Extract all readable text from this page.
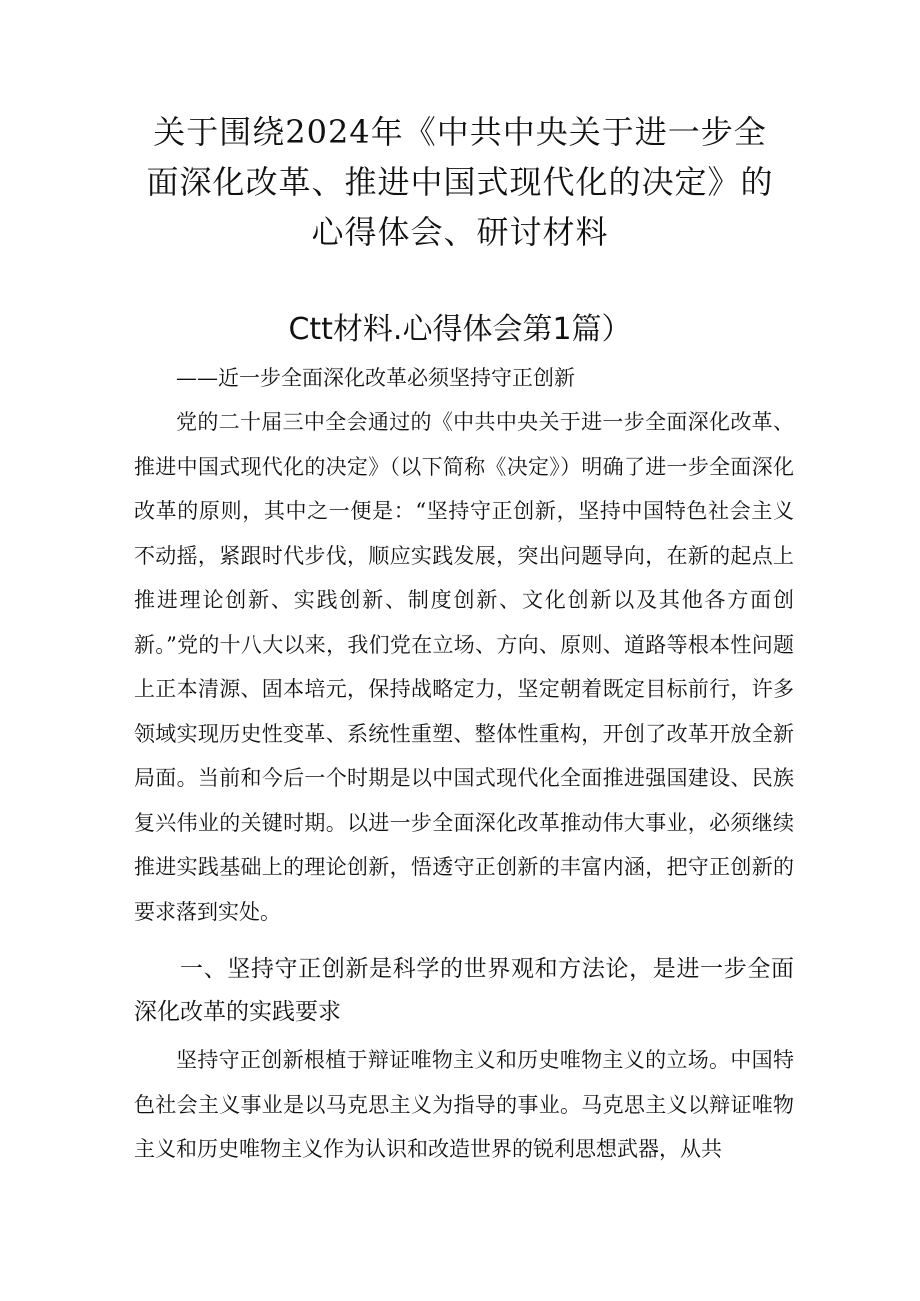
关于围绕2024年《中共中央关于进一步全
面深化改革、推进中国式现代化的决定》的
心得体会、研讨材料
Ctt材料.心得体会第1篇）
——近一步全面深化改革必须坚持守正创新

党的二十届三中全会通过的《中共中央关于进一步全面深化改革、推进中国式现代化的决定》（以下简称《决定》）明确了进一步全面深化改革的原则，其中之一便是：“坚持守正创新，坚持中国特色社会主义不动摇，紧跟时代步伐，顺应实践发展，突出问题导向，在新的起点上推进理论创新、实践创新、制度创新、文化创新以及其他各方面创新。”党的十八大以来，我们党在立场、方向、原则、道路等根本性问题上正本清源、固本培元，保持战略定力，坚定朝着既定目标前行，许多领域实现历史性变革、系统性重塑、整体性重构，开创了改革开放全新局面。当前和今后一个时期是以中国式现代化全面推进强国建设、民族复兴伟业的关键时期。以进一步全面深化改革推动伟大事业，必须继续推进实践基础上的理论创新，悟透守正创新的丰富内涵，把守正创新的要求落到实处。

一、坚持守正创新是科学的世界观和方法论，是进一步全面深化改革的实践要求

坚持守正创新根植于辩证唯物主义和历史唯物主义的立场。中国特色社会主义事业是以马克思主义为指导的事业。马克思主义以辩证唯物主义和历史唯物主义作为认识和改造世界的锐利思想武器，从共
